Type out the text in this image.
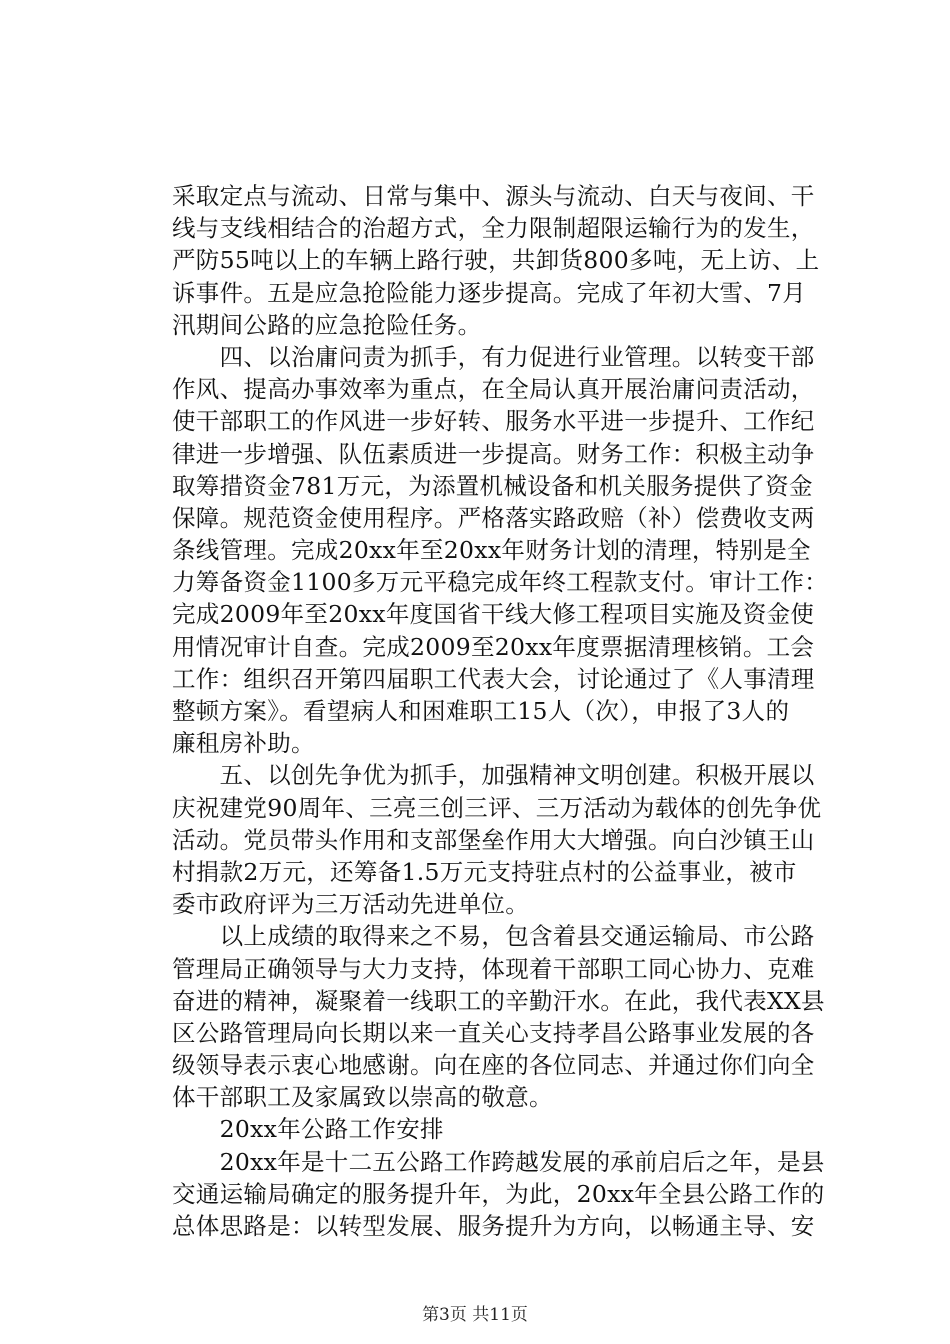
采取定点与流动、日常与集中、源头与流动、白天与夜间、干
线与支线相结合的治超方式，全力限制超限运输行为的发生，
严防55吨以上的车辆上路行驶，共卸货800多吨，无上访、上
诉事件。五是应急抢险能力逐步提高。完成了年初大雪、7月
汛期间公路的应急抢险任务。
　　四、以治庸问责为抓手，有力促进行业管理。以转变干部
作风、提高办事效率为重点，在全局认真开展治庸问责活动，
使干部职工的作风进一步好转、服务水平进一步提升、工作纪
律进一步增强、队伍素质进一步提高。财务工作：积极主动争
取筹措资金781万元，为添置机械设备和机关服务提供了资金
保障。规范资金使用程序。严格落实路政赔（补）偿费收支两
条线管理。完成20xx年至20xx年财务计划的清理，特别是全
力筹备资金1100多万元平稳完成年终工程款支付。审计工作：
完成2009年至20xx年度国省干线大修工程项目实施及资金使
用情况审计自查。完成2009至20xx年度票据清理核销。工会
工作：组织召开第四届职工代表大会，讨论通过了《人事清理
整顿方案》。看望病人和困难职工15人（次），申报了3人的
廉租房补助。
　　五、以创先争优为抓手，加强精神文明创建。积极开展以
庆祝建党90周年、三亮三创三评、三万活动为载体的创先争优
活动。党员带头作用和支部堡垒作用大大增强。向白沙镇王山
村捐款2万元，还筹备1.5万元支持驻点村的公益事业，被市
委市政府评为三万活动先进单位。
　　以上成绩的取得来之不易，包含着县交通运输局、市公路
管理局正确领导与大力支持，体现着干部职工同心协力、克难
奋进的精神，凝聚着一线职工的辛勤汗水。在此，我代表XX县
区公路管理局向长期以来一直关心支持孝昌公路事业发展的各
级领导表示衷心地感谢。向在座的各位同志、并通过你们向全
体干部职工及家属致以崇高的敬意。
　　20xx年公路工作安排
　　20xx年是十二五公路工作跨越发展的承前启后之年，是县
交通运输局确定的服务提升年，为此，20xx年全县公路工作的
总体思路是：以转型发展、服务提升为方向，以畅通主导、安
第3页 共11页
